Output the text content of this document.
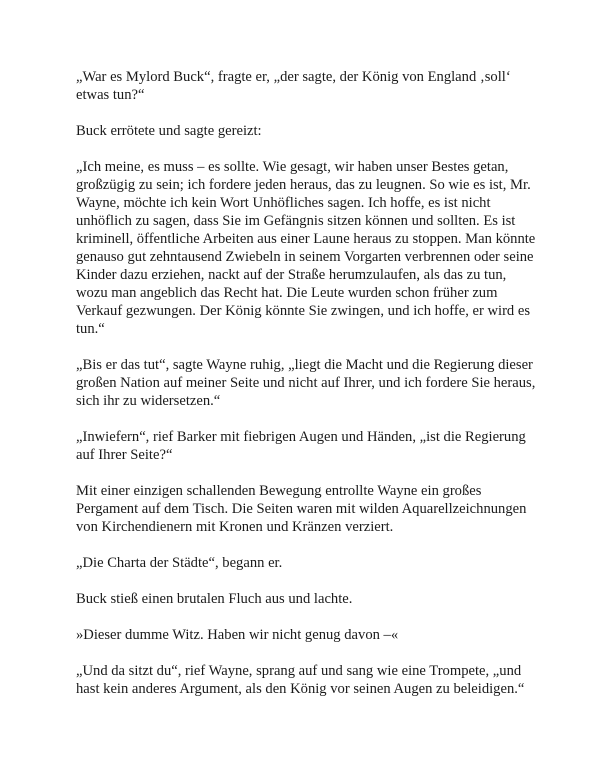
„War es Mylord Buck“, fragte er, „der sagte, der König von England ‚soll‘ etwas tun?“

Buck errötete und sagte gereizt:

„Ich meine, es muss – es sollte. Wie gesagt, wir haben unser Bestes getan, großzügig zu sein; ich fordere jeden heraus, das zu leugnen. So wie es ist, Mr. Wayne, möchte ich kein Wort Unhöfliches sagen. Ich hoffe, es ist nicht unhöflich zu sagen, dass Sie im Gefängnis sitzen können und sollten. Es ist kriminell, öffentliche Arbeiten aus einer Laune heraus zu stoppen. Man könnte genauso gut zehntausend Zwiebeln in seinem Vorgarten verbrennen oder seine Kinder dazu erziehen, nackt auf der Straße herumzulaufen, als das zu tun, wozu man angeblich das Recht hat. Die Leute wurden schon früher zum Verkauf gezwungen. Der König könnte Sie zwingen, und ich hoffe, er wird es tun.“

„Bis er das tut“, sagte Wayne ruhig, „liegt die Macht und die Regierung dieser großen Nation auf meiner Seite und nicht auf Ihrer, und ich fordere Sie heraus, sich ihr zu widersetzen.“

„Inwiefern“, rief Barker mit fiebrigen Augen und Händen, „ist die Regierung auf Ihrer Seite?“

Mit einer einzigen schallenden Bewegung entrollte Wayne ein großes Pergament auf dem Tisch. Die Seiten waren mit wilden Aquarellzeichnungen von Kirchendienern mit Kronen und Kränzen verziert.

„Die Charta der Städte“, begann er.

Buck stieß einen brutalen Fluch aus und lachte.

»Dieser dumme Witz. Haben wir nicht genug davon –«

„Und da sitzt du“, rief Wayne, sprang auf und sang wie eine Trompete, „und hast kein anderes Argument, als den König vor seinen Augen zu beleidigen.“
